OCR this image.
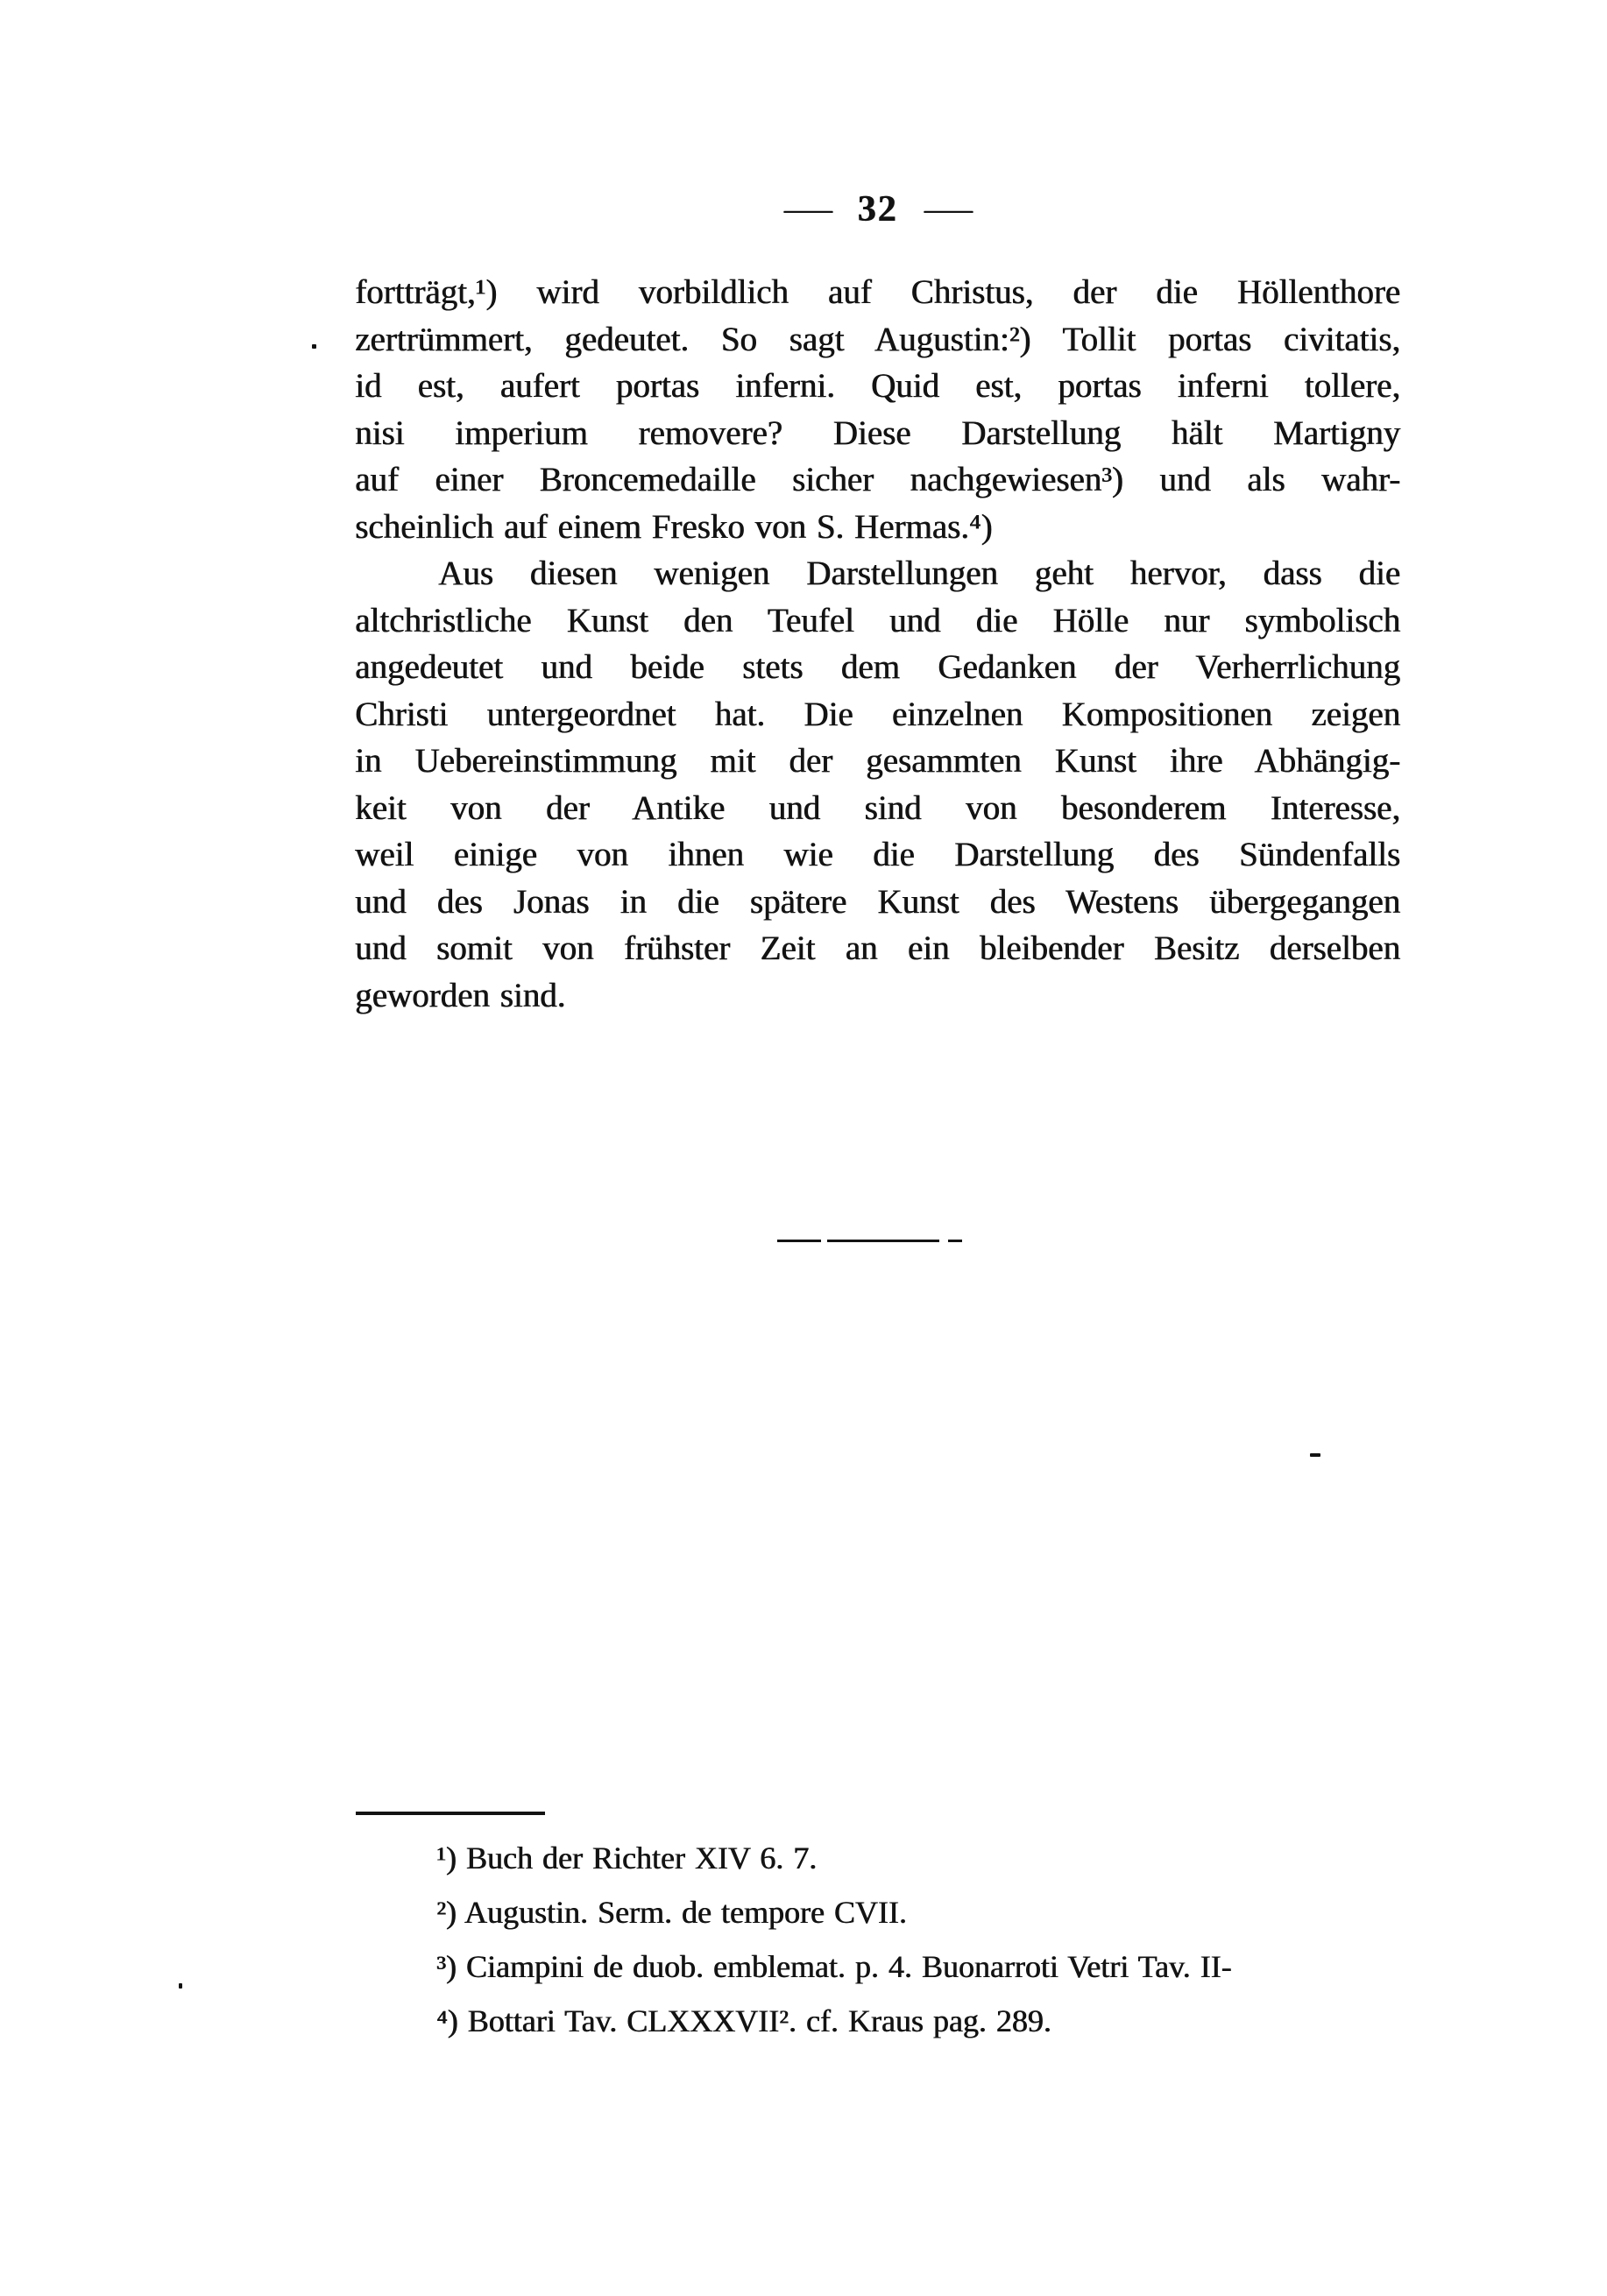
— 32 —
fortträgt,¹) wird vorbildlich auf Christus, der die Höllenthore
zertrümmert, gedeutet. So sagt Augustin:²) Tollit portas civitatis,
id est, aufert portas inferni. Quid est, portas inferni tollere,
nisi imperium removere? Diese Darstellung hält Martigny
auf einer Broncemedaille sicher nachgewiesen³) und als wahr-
scheinlich auf einem Fresko von S. Hermas.⁴)
Aus diesen wenigen Darstellungen geht hervor, dass die
altchristliche Kunst den Teufel und die Hölle nur symbolisch
angedeutet und beide stets dem Gedanken der Verherrlichung
Christi untergeordnet hat. Die einzelnen Kompositionen zeigen
in Uebereinstimmung mit der gesammten Kunst ihre Abhängig-
keit von der Antike und sind von besonderem Interesse,
weil einige von ihnen wie die Darstellung des Sündenfalls
und des Jonas in die spätere Kunst des Westens übergegangen
und somit von frühster Zeit an ein bleibender Besitz derselben
geworden sind.
¹) Buch der Richter XIV 6. 7.
²) Augustin. Serm. de tempore CVII.
³) Ciampini de duob. emblemat. p. 4. Buonarroti Vetri Tav. II-
⁴) Bottari Tav. CLXXXVII². cf. Kraus pag. 289.
